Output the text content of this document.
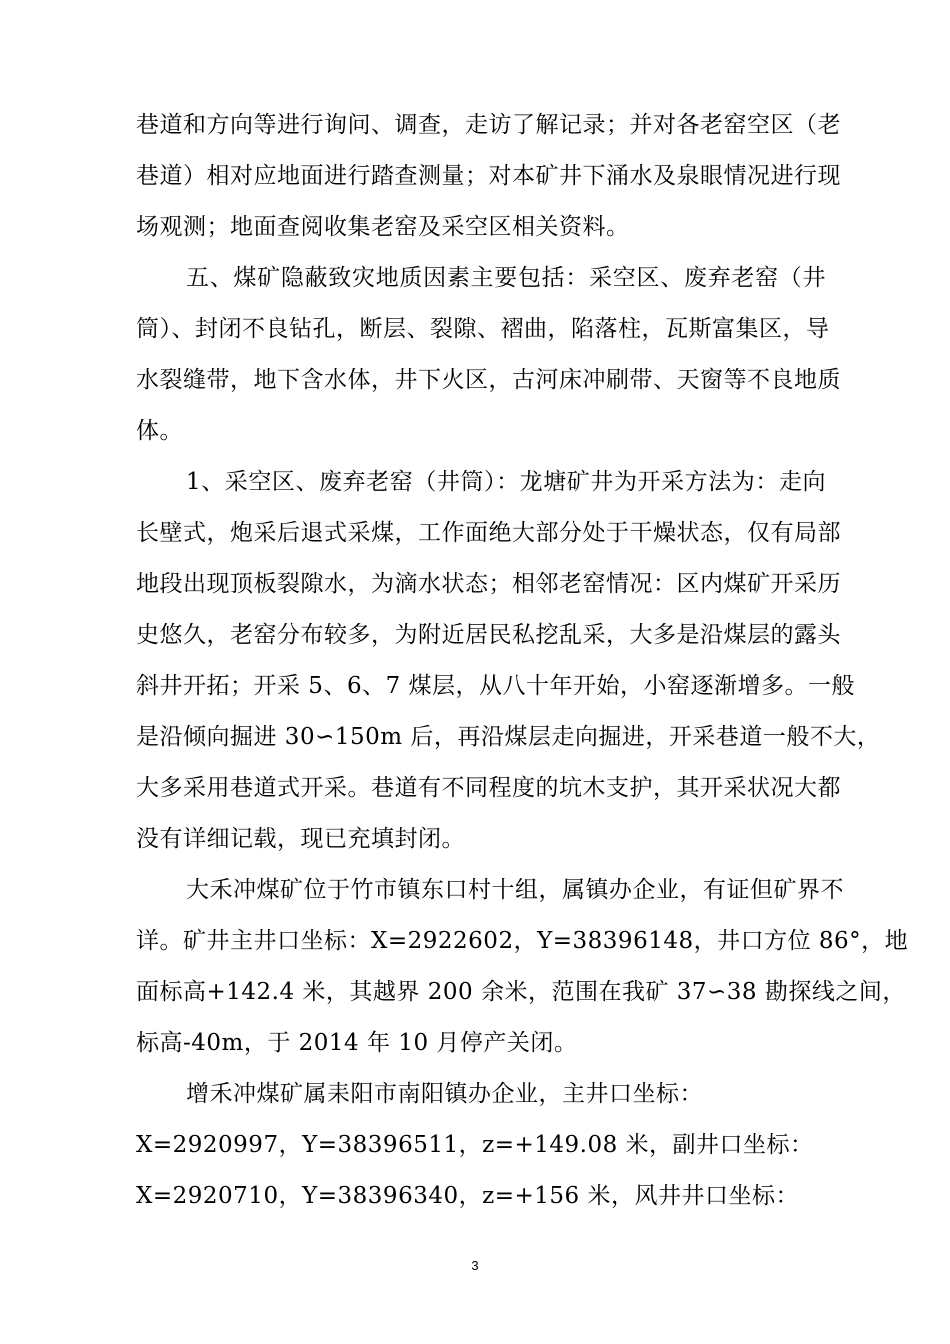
巷道和方向等进行询问、调查，走访了解记录；并对各老窑空区（老
巷道）相对应地面进行踏查测量；对本矿井下涌水及泉眼情况进行现
场观测；地面查阅收集老窑及采空区相关资料。
五、煤矿隐蔽致灾地质因素主要包括：采空区、废弃老窑（井
筒）、封闭不良钻孔，断层、裂隙、褶曲，陷落柱，瓦斯富集区，导
水裂缝带，地下含水体，井下火区，古河床冲刷带、天窗等不良地质
体。
1、采空区、废弃老窑（井筒）：龙塘矿井为开采方法为：走向
长壁式，炮采后退式采煤，工作面绝大部分处于干燥状态，仅有局部
地段出现顶板裂隙水，为滴水状态；相邻老窑情况：区内煤矿开采历
史悠久，老窑分布较多，为附近居民私挖乱采，大多是沿煤层的露头
斜井开拓；开采 5、6、7 煤层，从八十年开始，小窑逐渐增多。一般
是沿倾向掘进 30∽150m 后，再沿煤层走向掘进，开采巷道一般不大，
大多采用巷道式开采。巷道有不同程度的坑木支护，其开采状况大都
没有详细记载，现已充填封闭。
大禾冲煤矿位于竹市镇东口村十组，属镇办企业，有证但矿界不
详。矿井主井口坐标：X=2922602，Y=38396148，井口方位 86°，地
面标高+142.4 米，其越界 200 余米，范围在我矿 37∽38 勘探线之间，
标高-40m，于 2014 年 10 月停产关闭。
增禾冲煤矿属耒阳市南阳镇办企业，主井口坐标：
X=2920997，Y=38396511，z=+149.08 米，副井口坐标：
X=2920710，Y=38396340，z=+156 米，风井井口坐标：
3
